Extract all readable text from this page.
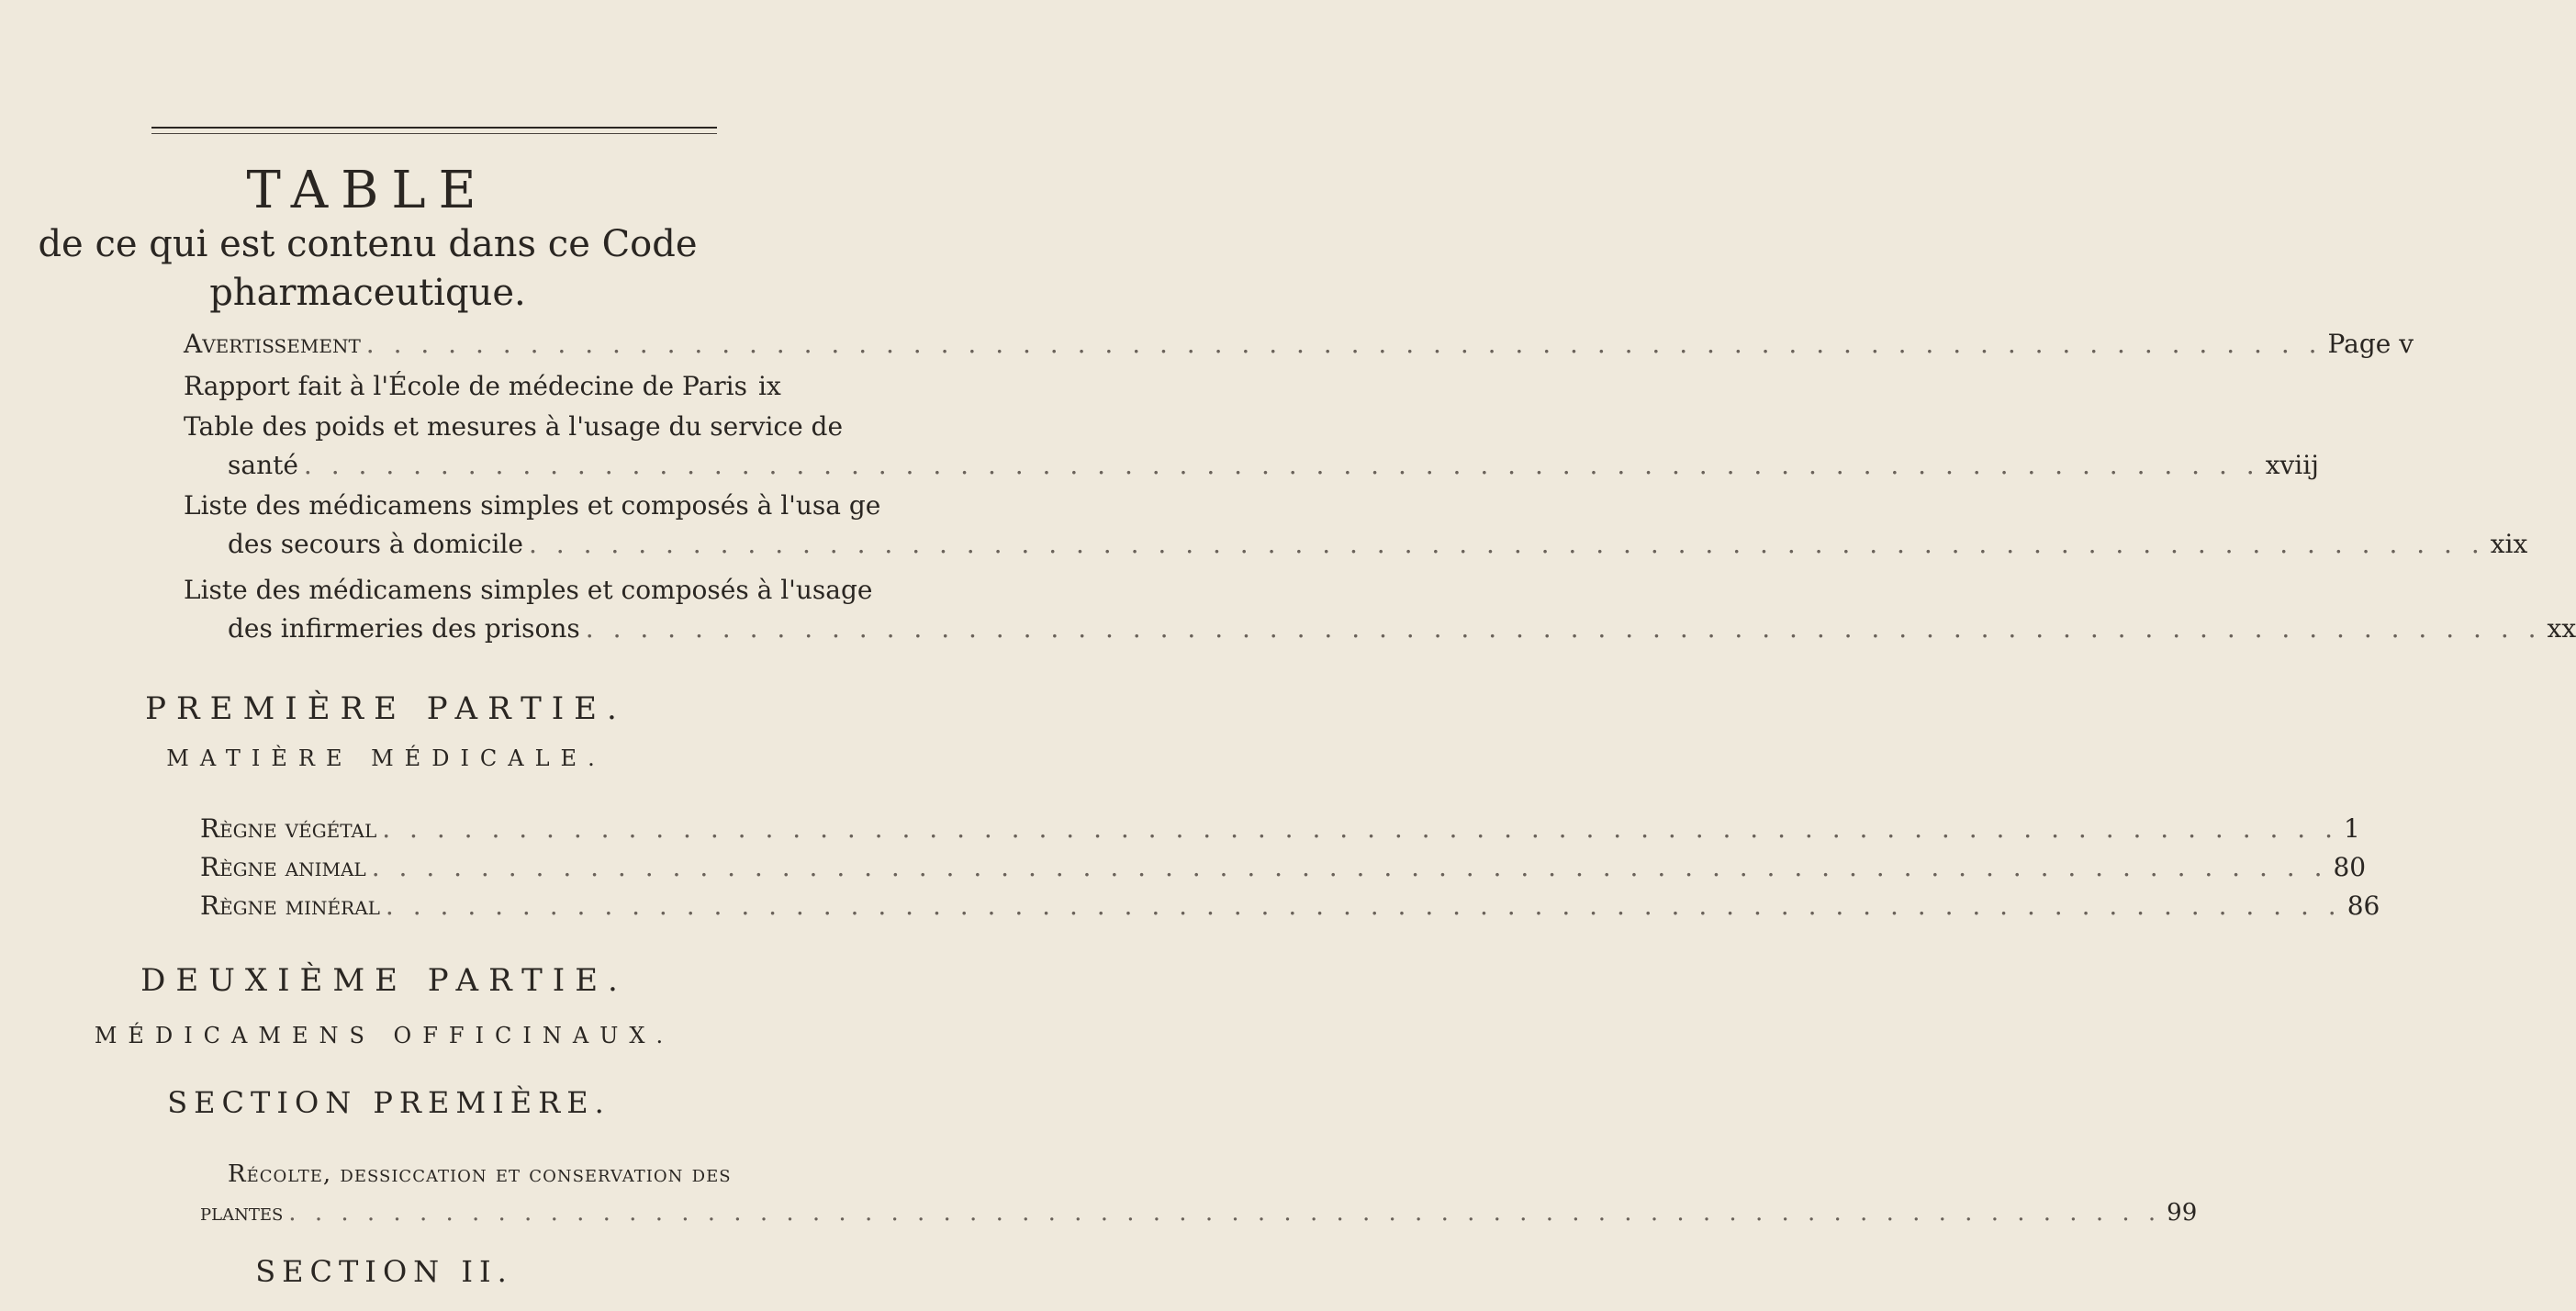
TABLE
de ce qui est contenu dans ce Code
pharmaceutique.
Avertissement . . .	Page v
Rapport fait à l'École de médecine de Paris ix
Table des poids et mesures à l'usage du service de
santé . . .	xviij
Liste des médicamens simples et composés à l'usa ge
des secours à domicile . . .	xix
Liste des médicamens simples et composés à l'usage
des infirmeries des prisons . . .	xx
PREMIÈRE PARTIE.
MATIÈRE MÉDICALE.
Règne végétal . . .	1
Règne animal . . .	80
Règne minéral . . .	86
DEUXIÈME PARTIE.
MÉDICAMENS OFFICINAUX.
SECTION PREMIÈRE.
Récolte, dessiccation et conservation des
plantes . . .	99
SECTION II.
